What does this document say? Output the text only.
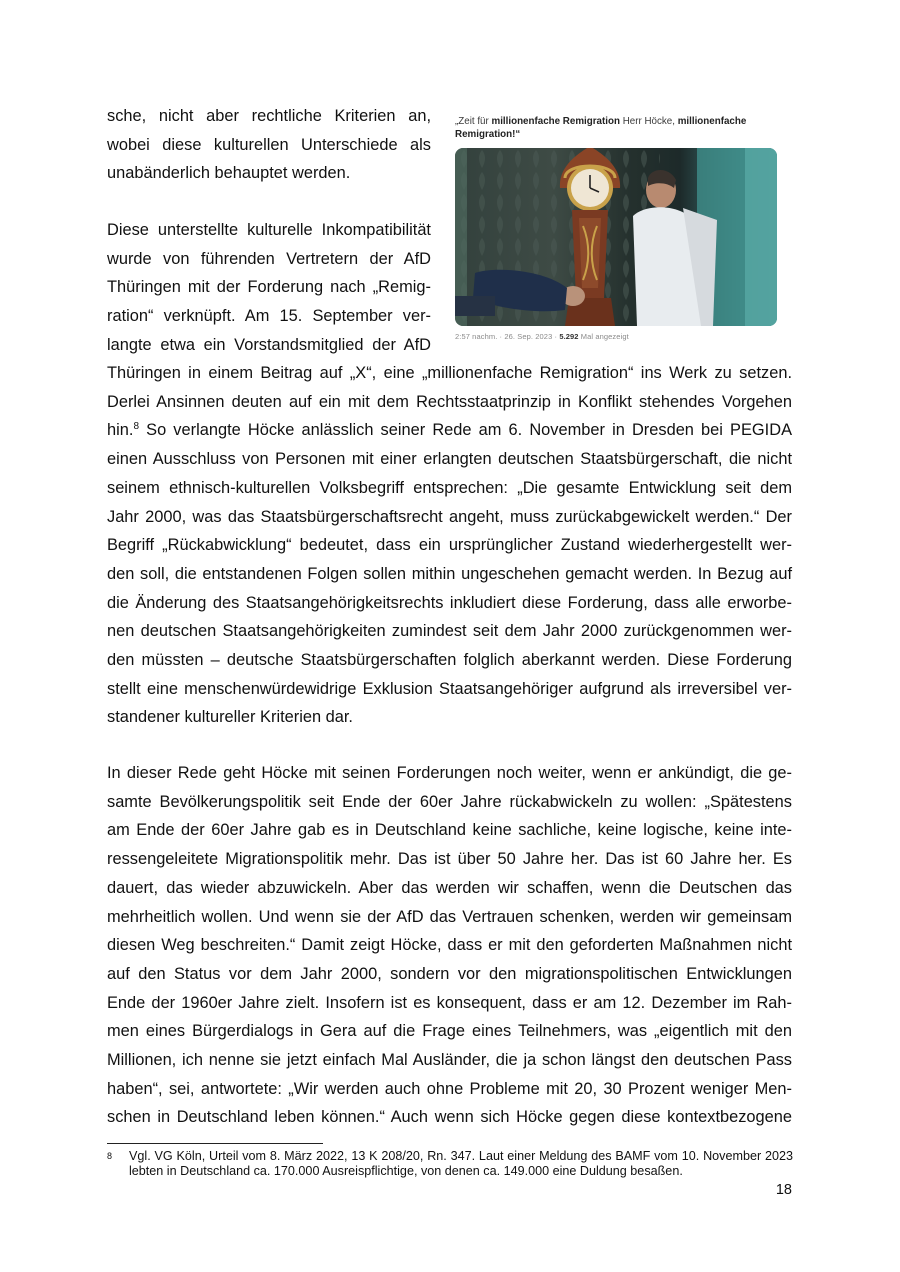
sche, nicht aber rechtliche Kriterien an,
wobei diese kulturellen Unterschiede als
unabänderlich behauptet werden.

Diese unterstellte kulturelle Inkompatibilität
wurde von führenden Vertretern der AfD
Thüringen mit der Forderung nach „Remig-
ration“ verknüpft. Am 15. September ver-
langte etwa ein Vorstandsmitglied der AfD

„Zeit für millionenfache Remigration Herr Höcke, millionenfache Remigration!“

2:57 nachm. · 26. Sep. 2023 · 5.292 Mal angezeigt

Thüringen in einem Beitrag auf „X“, eine „millionenfache Remigration“ ins Werk zu setzen.
Derlei Ansinnen deuten auf ein mit dem Rechtsstaatprinzip in Konflikt stehendes Vorgehen
hin.$^8$ So verlangte Höcke anlässlich seiner Rede am 6. November in Dresden bei PEGIDA
einen Ausschluss von Personen mit einer erlangten deutschen Staatsbürgerschaft, die nicht
seinem ethnisch-kulturellen Volksbegriff entsprechen: „Die gesamte Entwicklung seit dem
Jahr 2000, was das Staatsbürgerschaftsrecht angeht, muss zurückabgewickelt werden.“ Der
Begriff „Rückabwicklung“ bedeutet, dass ein ursprünglicher Zustand wiederhergestellt wer-
den soll, die entstandenen Folgen sollen mithin ungeschehen gemacht werden. In Bezug auf
die Änderung des Staatsangehörigkeitsrechts inkludiert diese Forderung, dass alle erworbe-
nen deutschen Staatsangehörigkeiten zumindest seit dem Jahr 2000 zurückgenommen wer-
den müssten – deutsche Staatsbürgerschaften folglich aberkannt werden. Diese Forderung
stellt eine menschenwürdewidrige Exklusion Staatsangehöriger aufgrund als irreversibel ver-
standener kultureller Kriterien dar.

In dieser Rede geht Höcke mit seinen Forderungen noch weiter, wenn er ankündigt, die ge-
samte Bevölkerungspolitik seit Ende der 60er Jahre rückabwickeln zu wollen: „Spätestens
am Ende der 60er Jahre gab es in Deutschland keine sachliche, keine logische, keine inte-
ressengeleitete Migrationspolitik mehr. Das ist über 50 Jahre her. Das ist 60 Jahre her. Es
dauert, das wieder abzuwickeln. Aber das werden wir schaffen, wenn die Deutschen das
mehrheitlich wollen. Und wenn sie der AfD das Vertrauen schenken, werden wir gemeinsam
diesen Weg beschreiten.“ Damit zeigt Höcke, dass er mit den geforderten Maßnahmen nicht
auf den Status vor dem Jahr 2000, sondern vor den migrationspolitischen Entwicklungen
Ende der 1960er Jahre zielt. Insofern ist es konsequent, dass er am 12. Dezember im Rah-
men eines Bürgerdialogs in Gera auf die Frage eines Teilnehmers, was „eigentlich mit den
Millionen, ich nenne sie jetzt einfach Mal Ausländer, die ja schon längst den deutschen Pass
haben“, sei, antwortete: „Wir werden auch ohne Probleme mit 20, 30 Prozent weniger Men-
schen in Deutschland leben können.“ Auch wenn sich Höcke gegen diese kontextbezogene

8 Vgl. VG Köln, Urteil vom 8. März 2022, 13 K 208/20, Rn. 347. Laut einer Meldung des BAMF vom 10. November 2023 lebten in Deutschland ca. 170.000 Ausreispflichtige, von denen ca. 149.000 eine Duldung besaßen.
18
